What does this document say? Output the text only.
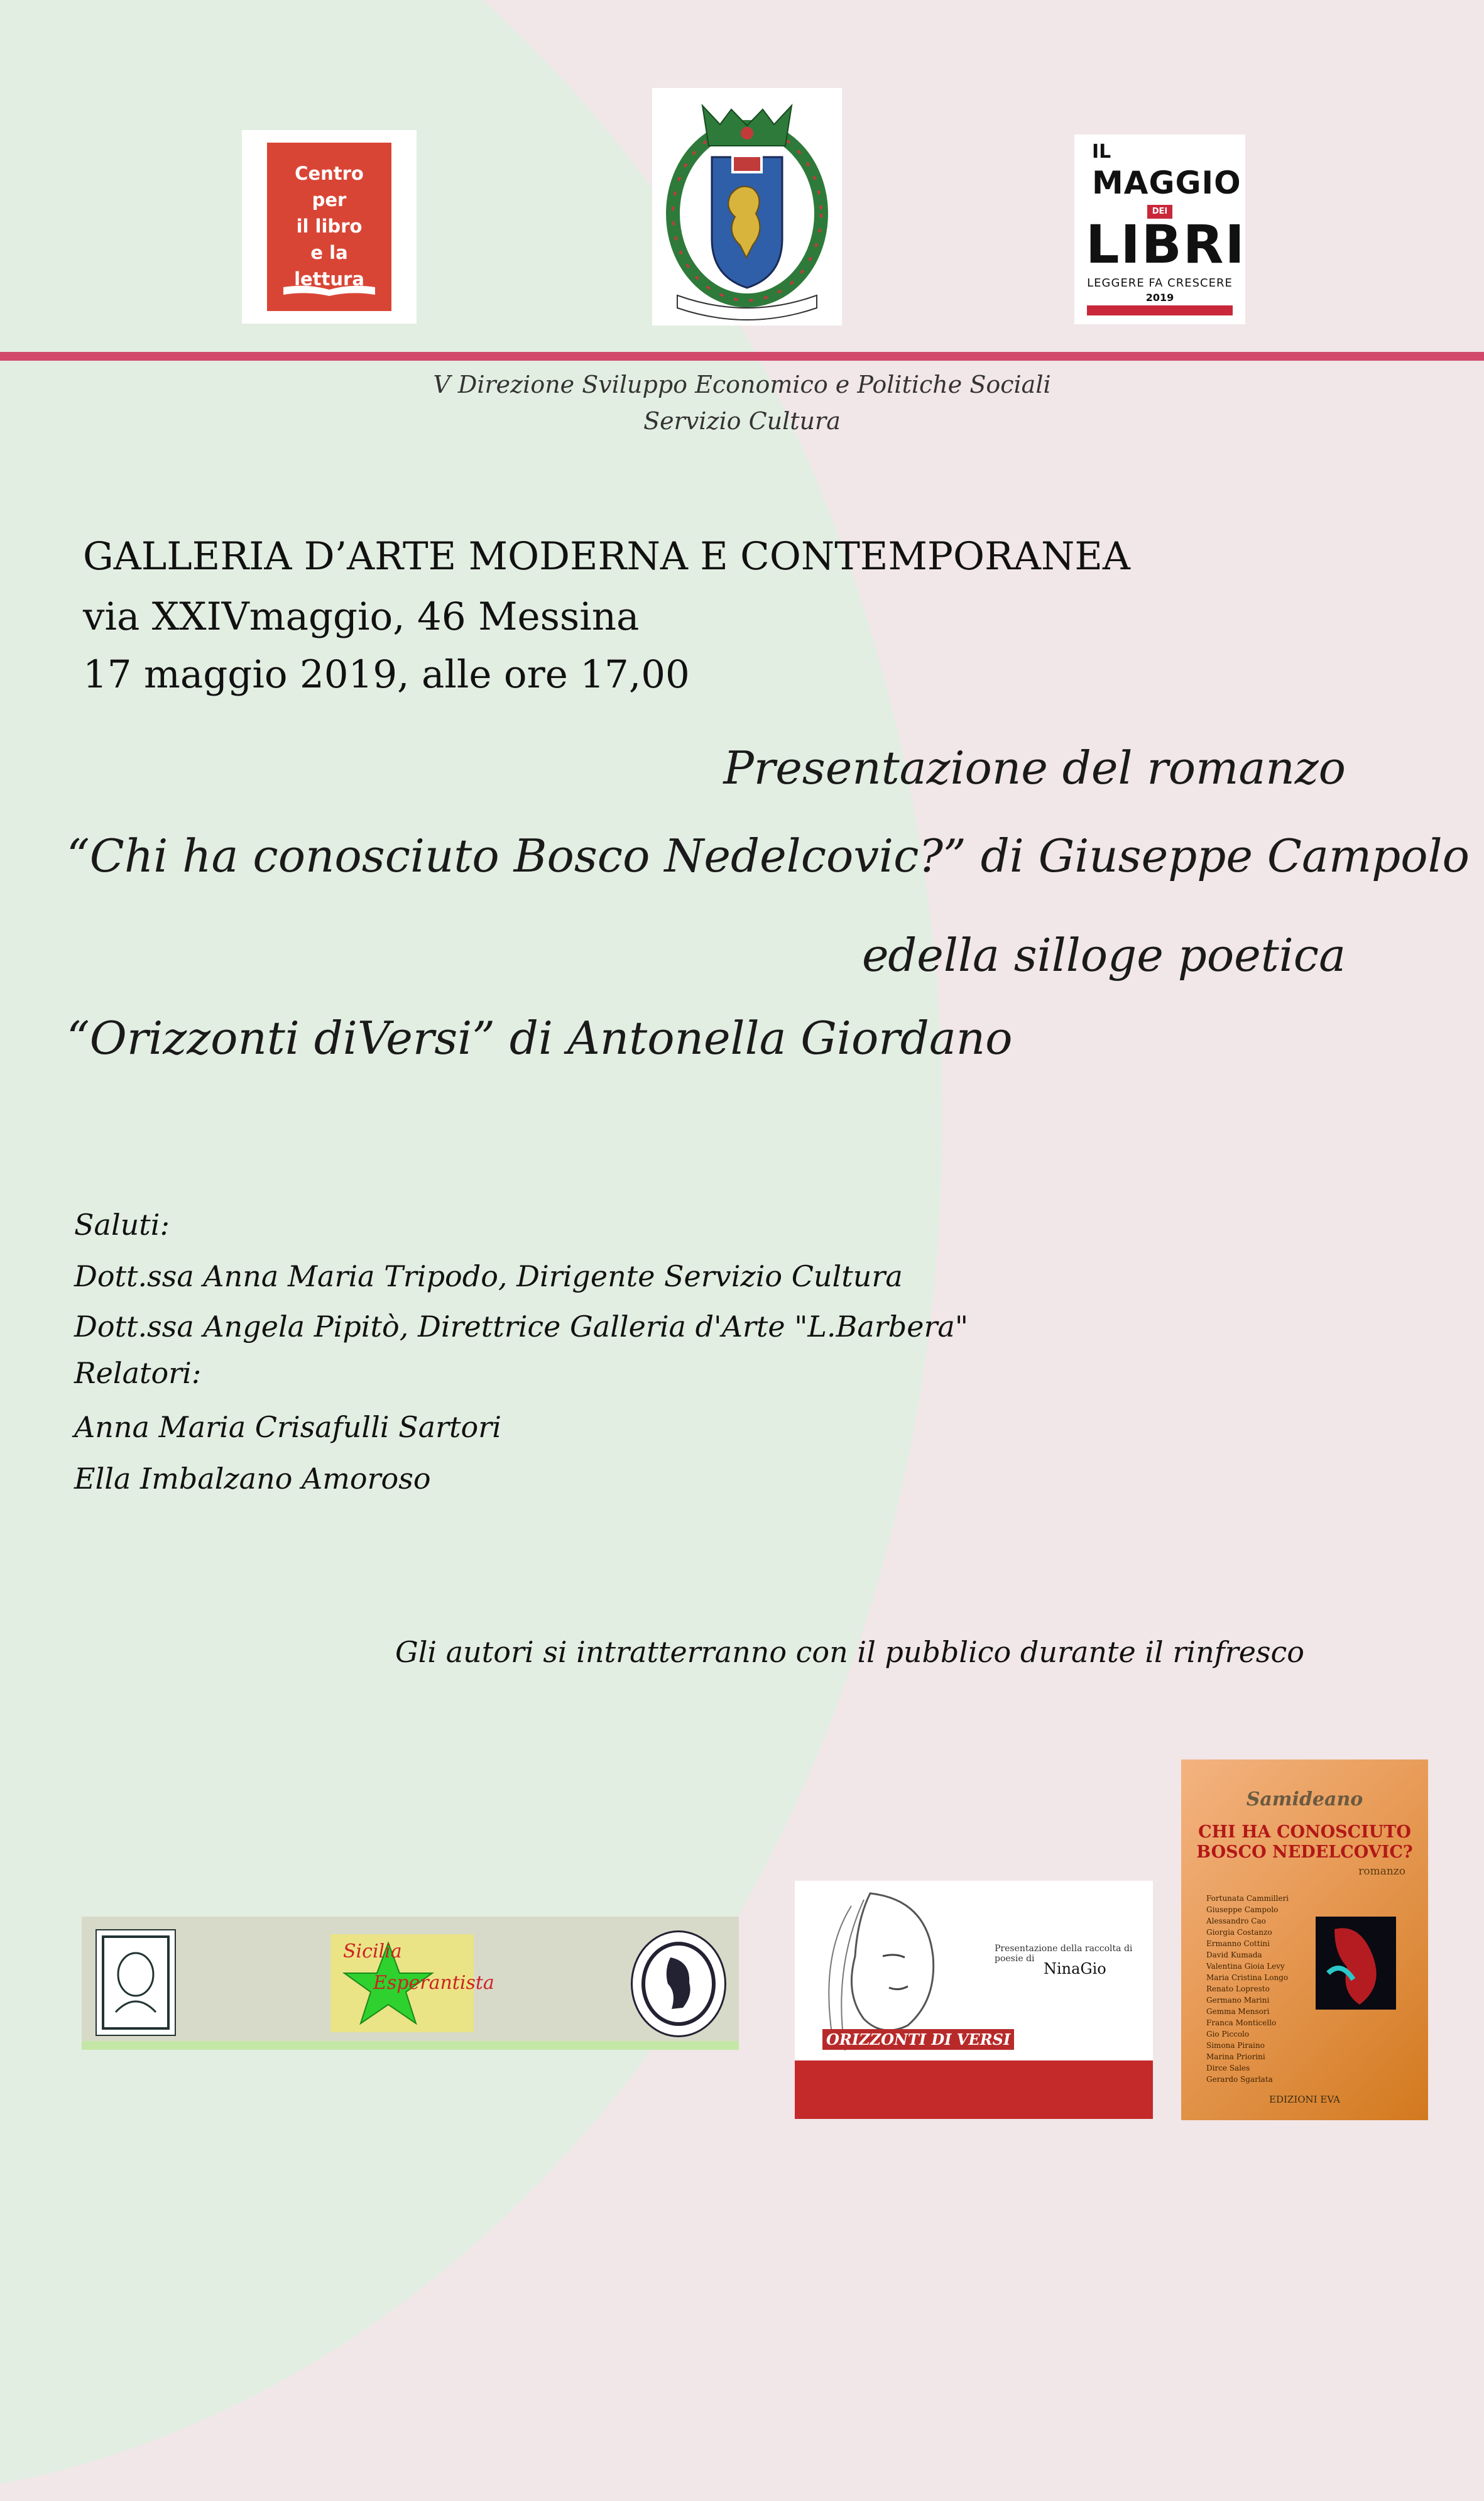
Centro
per
il libro
e la
lettura
IL
MAGGIO
DEI
LIBRI
LEGGERE FA CRESCERE
2019
V Direzione Sviluppo Economico e Politiche Sociali
Servizio Cultura
GALLERIA D’ARTE MODERNA E CONTEMPORANEA
via XXIVmaggio, 46 Messina
17 maggio 2019, alle ore 17,00
Presentazione del romanzo
“Chi ha conosciuto Bosco Nedelcovic?” di Giuseppe Campolo
e
della silloge poetica
“Orizzonti diVersi” di Antonella Giordano
Saluti:
Dott.ssa Anna Maria Tripodo, Dirigente Servizio Cultura
Dott.ssa Angela Pipitò, Direttrice Galleria d'Arte "L.Barbera"
Relatori:
Anna Maria Crisafulli Sartori
Ella Imbalzano Amoroso
Gli autori si intratterranno con il pubblico durante il rinfresco
Sicilia
Esperantista
ORIZZONTI DI VERSI
Presentazione della raccolta di poesie di
NinaGio
Samideano
CHI HA CONOSCIUTO BOSCO NEDELCOVIC?
romanzo
Fortunata Cammilleri
Giuseppe Campolo
Alessandro Cao
Giorgia Costanzo
Ermanno Cottini
David Kumada
Valentina Gioia Levy
Maria Cristina Longo
Renato Lopresto
Germano Marini
Gemma Mensori
Franca Monticello
Gio Piccolo
Simona Piraino
Marina Priorini
Dirce Sales
Gerardo Sgarlata
EDIZIONI EVA
